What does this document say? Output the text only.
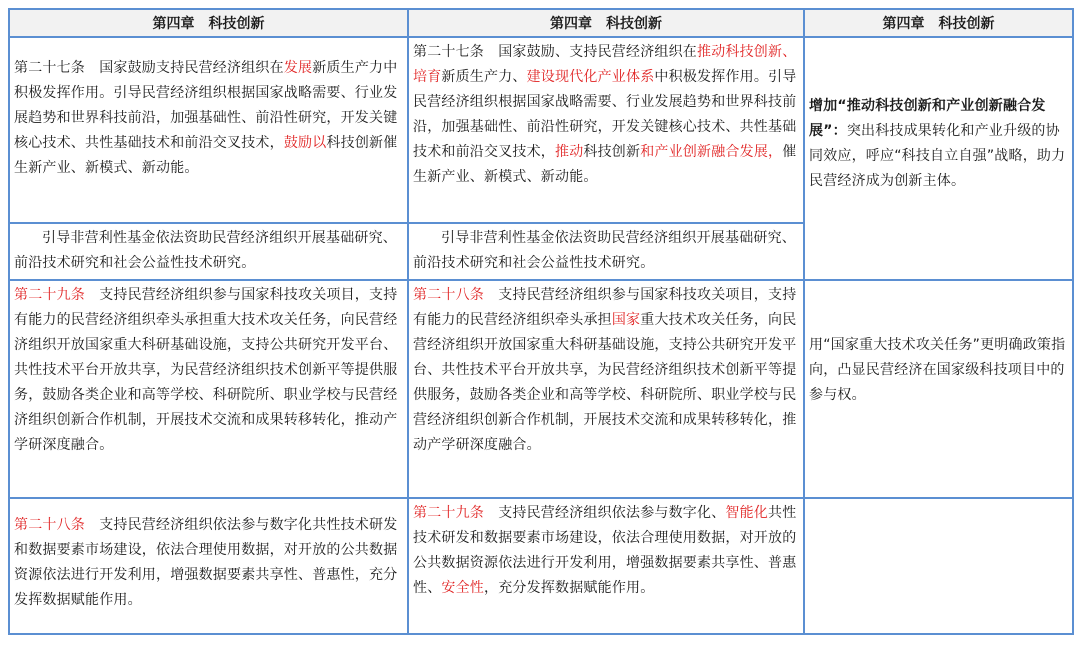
第四章　科技创新	第四章　科技创新	第四章　科技创新

第二十七条　国家鼓励支持民营经济组织在发展新质生产力中积极发挥作用。引导民营经济组织根据国家战略需要、行业发展趋势和世界科技前沿，加强基础性、前沿性研究，开发关键核心技术、共性基础技术和前沿交叉技术，鼓励以科技创新催生新产业、新模式、新动能。	第二十七条　国家鼓励、支持民营经济组织在推动科技创新、培育新质生产力、建设现代化产业体系中积极发挥作用。引导民营经济组织根据国家战略需要、行业发展趋势和世界科技前沿，加强基础性、前沿性研究，开发关键核心技术、共性基础技术和前沿交叉技术，推动科技创新和产业创新融合发展，催生新产业、新模式、新动能。	增加“推动科技创新和产业创新融合发展”：突出科技成果转化和产业升级的协同效应，呼应“科技自立自强”战略，助力民营经济成为创新主体。

引导非营利性基金依法资助民营经济组织开展基础研究、前沿技术研究和社会公益性技术研究。	引导非营利性基金依法资助民营经济组织开展基础研究、前沿技术研究和社会公益性技术研究。	

第二十九条　支持民营经济组织参与国家科技攻关项目，支持有能力的民营经济组织牵头承担重大技术攻关任务，向民营经济组织开放国家重大科研基础设施，支持公共研究开发平台、共性技术平台开放共享，为民营经济组织技术创新平等提供服务，鼓励各类企业和高等学校、科研院所、职业学校与民营经济组织创新合作机制，开展技术交流和成果转移转化，推动产学研深度融合。	第二十八条　支持民营经济组织参与国家科技攻关项目，支持有能力的民营经济组织牵头承担国家重大技术攻关任务，向民营经济组织开放国家重大科研基础设施，支持公共研究开发平台、共性技术平台开放共享，为民营经济组织技术创新平等提供服务，鼓励各类企业和高等学校、科研院所、职业学校与民营经济组织创新合作机制，开展技术交流和成果转移转化，推动产学研深度融合。	用“国家重大技术攻关任务”更明确政策指向，凸显民营经济在国家级科技项目中的参与权。

第二十八条　支持民营经济组织依法参与数字化共性技术研发和数据要素市场建设，依法合理使用数据，对开放的公共数据资源依法进行开发利用，增强数据要素共享性、普惠性，充分发挥数据赋能作用。	第二十九条　支持民营经济组织依法参与数字化、智能化共性技术研发和数据要素市场建设，依法合理使用数据，对开放的公共数据资源依法进行开发利用，增强数据要素共享性、普惠性、安全性，充分发挥数据赋能作用。	
